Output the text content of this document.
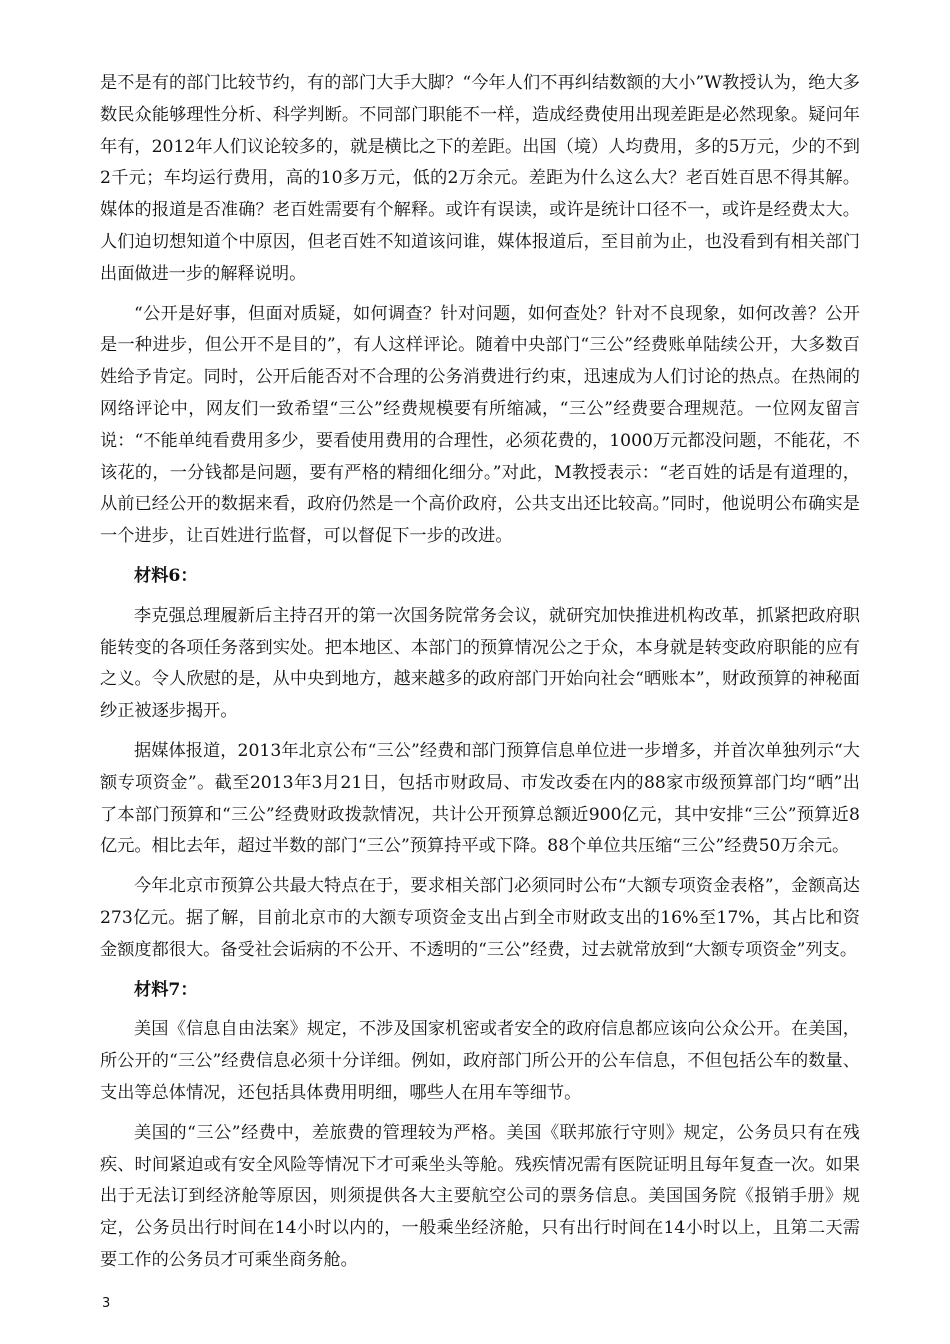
是不是有的部门比较节约，有的部门大手大脚？“今年人们不再纠结数额的大小”W教授认为，绝大多数民众能够理性分析、科学判断。不同部门职能不一样，造成经费使用出现差距是必然现象。疑问年年有，2012年人们议论较多的，就是横比之下的差距。出国（境）人均费用，多的5万元，少的不到2千元；车均运行费用，高的10多万元，低的2万余元。差距为什么这么大？老百姓百思不得其解。媒体的报道是否准确？老百姓需要有个解释。或许有误读，或许是统计口径不一，或许是经费太大。人们迫切想知道个中原因，但老百姓不知道该问谁，媒体报道后，至目前为止，也没看到有相关部门出面做进一步的解释说明。

“公开是好事，但面对质疑，如何调查？针对问题，如何查处？针对不良现象，如何改善？公开是一种进步，但公开不是目的”，有人这样评论。随着中央部门“三公”经费账单陆续公开，大多数百姓给予肯定。同时，公开后能否对不合理的公务消费进行约束，迅速成为人们讨论的热点。在热闹的网络评论中，网友们一致希望“三公”经费规模要有所缩减，“三公”经费要合理规范。一位网友留言说：“不能单纯看费用多少，要看使用费用的合理性，必须花费的，1000万元都没问题，不能花，不该花的，一分钱都是问题，要有严格的精细化细分。”对此，M教授表示：“老百姓的话是有道理的，从前已经公开的数据来看，政府仍然是一个高价政府，公共支出还比较高。”同时，他说明公布确实是一个进步，让百姓进行监督，可以督促下一步的改进。

材料6：

李克强总理履新后主持召开的第一次国务院常务会议，就研究加快推进机构改革，抓紧把政府职能转变的各项任务落到实处。把本地区、本部门的预算情况公之于众，本身就是转变政府职能的应有之义。令人欣慰的是，从中央到地方，越来越多的政府部门开始向社会“晒账本”，财政预算的神秘面纱正被逐步揭开。

据媒体报道，2013年北京公布“三公”经费和部门预算信息单位进一步增多，并首次单独列示“大额专项资金”。截至2013年3月21日，包括市财政局、市发改委在内的88家市级预算部门均“晒”出了本部门预算和“三公”经费财政拨款情况，共计公开预算总额近900亿元，其中安排“三公”预算近8亿元。相比去年，超过半数的部门“三公”预算持平或下降。88个单位共压缩“三公”经费50万余元。

今年北京市预算公共最大特点在于，要求相关部门必须同时公布“大额专项资金表格”，金额高达273亿元。据了解，目前北京市的大额专项资金支出占到全市财政支出的16%至17%，其占比和资金额度都很大。备受社会诟病的不公开、不透明的“三公”经费，过去就常放到“大额专项资金”列支。

材料7：

美国《信息自由法案》规定，不涉及国家机密或者安全的政府信息都应该向公众公开。在美国，所公开的“三公”经费信息必须十分详细。例如，政府部门所公开的公车信息，不但包括公车的数量、支出等总体情况，还包括具体费用明细，哪些人在用车等细节。

美国的“三公”经费中，差旅费的管理较为严格。美国《联邦旅行守则》规定，公务员只有在残疾、时间紧迫或有安全风险等情况下才可乘坐头等舱。残疾情况需有医院证明且每年复查一次。如果出于无法订到经济舱等原因，则须提供各大主要航空公司的票务信息。美国国务院《报销手册》规定，公务员出行时间在14小时以内的，一般乘坐经济舱，只有出行时间在14小时以上，且第二天需要工作的公务员才可乘坐商务舱。

3
